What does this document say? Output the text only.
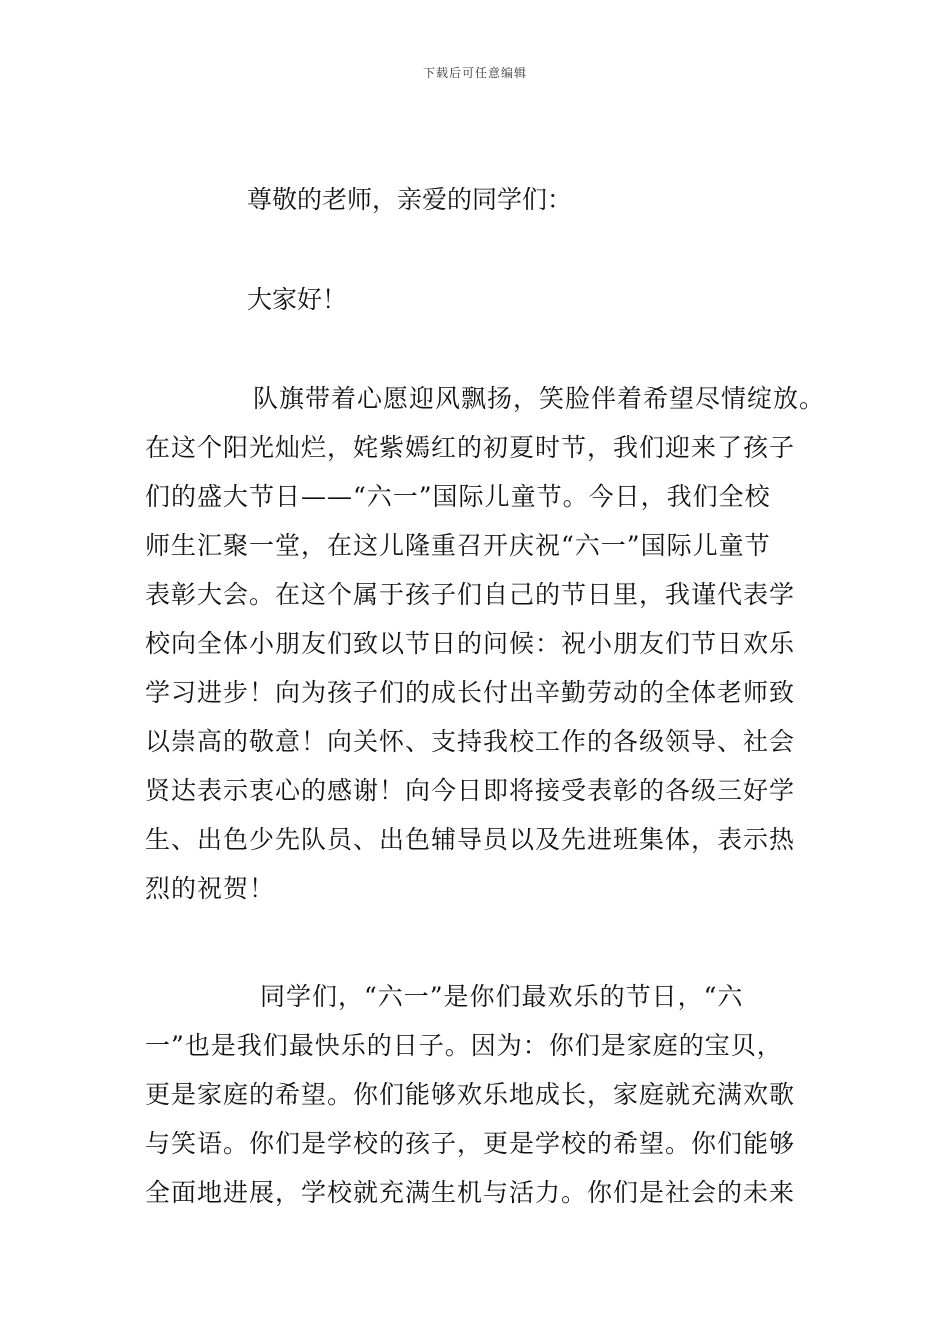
下载后可任意编辑
尊敬的老师，亲爱的同学们：
大家好！
队旗带着心愿迎风飘扬，笑脸伴着希望尽情绽放。
在这个阳光灿烂，姹紫嫣红的初夏时节，我们迎来了孩子
们的盛大节日——“六一”国际儿童节。今日，我们全校
师生汇聚一堂，在这儿隆重召开庆祝“六一”国际儿童节
表彰大会。在这个属于孩子们自己的节日里，我谨代表学
校向全体小朋友们致以节日的问候：祝小朋友们节日欢乐
学习进步！向为孩子们的成长付出辛勤劳动的全体老师致
以崇高的敬意！向关怀、支持我校工作的各级领导、社会
贤达表示衷心的感谢！向今日即将接受表彰的各级三好学
生、出色少先队员、出色辅导员以及先进班集体，表示热
烈的祝贺！
同学们，“六一”是你们最欢乐的节日，“六
一”也是我们最快乐的日子。因为：你们是家庭的宝贝，
更是家庭的希望。你们能够欢乐地成长，家庭就充满欢歌
与笑语。你们是学校的孩子，更是学校的希望。你们能够
全面地进展，学校就充满生机与活力。你们是社会的未来
